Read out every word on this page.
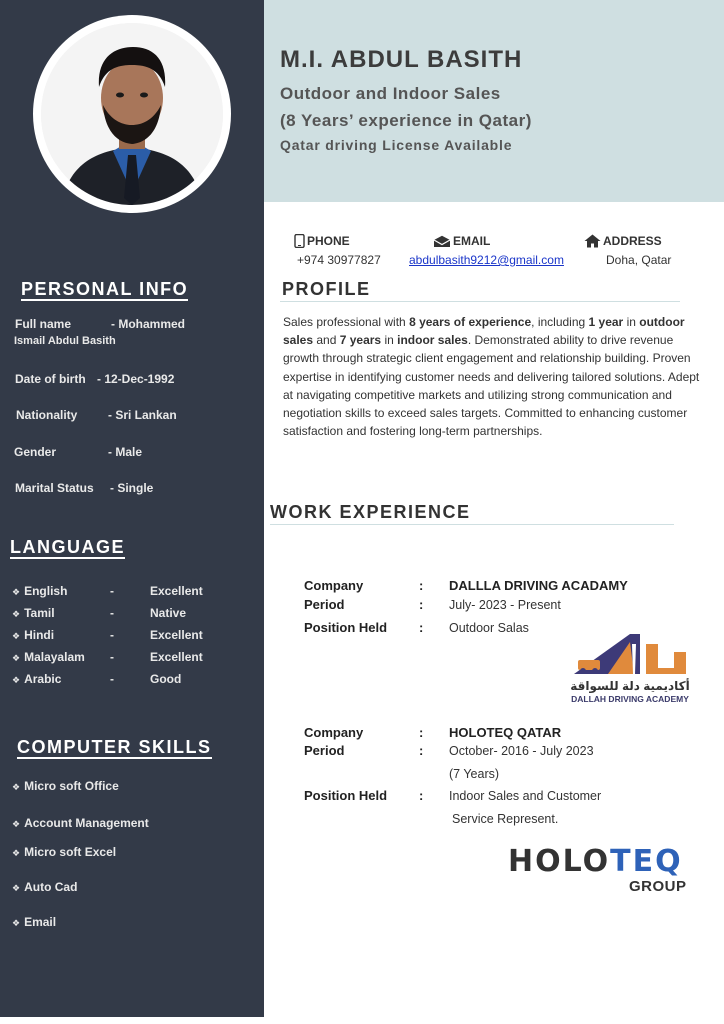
PERSONAL INFO
Full name	- Mohammed
Ismail Abdul Basith
Date of birth - 12-Dec-1992
Nationality	- Sri Lankan
Gender	- Male
Marital Status - Single
LANGUAGE
❖ English	-	Excellent
❖ Tamil	-	Native
❖ Hindi	-	Excellent
❖ Malayalam -	Excellent
❖ Arabic	-	Good
COMPUTER SKILLS
❖ Micro soft Office
❖ Account Management
❖ Micro soft Excel
❖ Auto Cad
❖ Email
M.I. ABDUL BASITH
Outdoor and Indoor Sales
(8 Years’ experience in Qatar)
Qatar driving License Available
PHONE
+974 30977827
EMAIL
abdulbasith9212@gmail.com
ADDRESS
Doha, Qatar
PROFILE
Sales professional with 8 years of experience, including 1 year in outdoor sales and 7 years in indoor sales. Demonstrated ability to drive revenue growth through strategic client engagement and relationship building. Proven expertise in identifying customer needs and delivering tailored solutions. Adept at navigating competitive markets and utilizing strong communication and negotiation skills to exceed sales targets. Committed to enhancing customer satisfaction and fostering long-term partnerships.
WORK EXPERIENCE
Company	: DALLLA DRIVING ACADAMY
Period	: July- 2023 - Present
Position Held : Outdoor Salas
أكاديمية دلة للسواقة
DALLAH DRIVING ACADEMY
Company	: HOLOTEQ QATAR
Period	: October- 2016 - July 2023
(7 Years)
Position Held : Indoor Sales and Customer
Service Represent.
HOLOTEQ
GROUP
